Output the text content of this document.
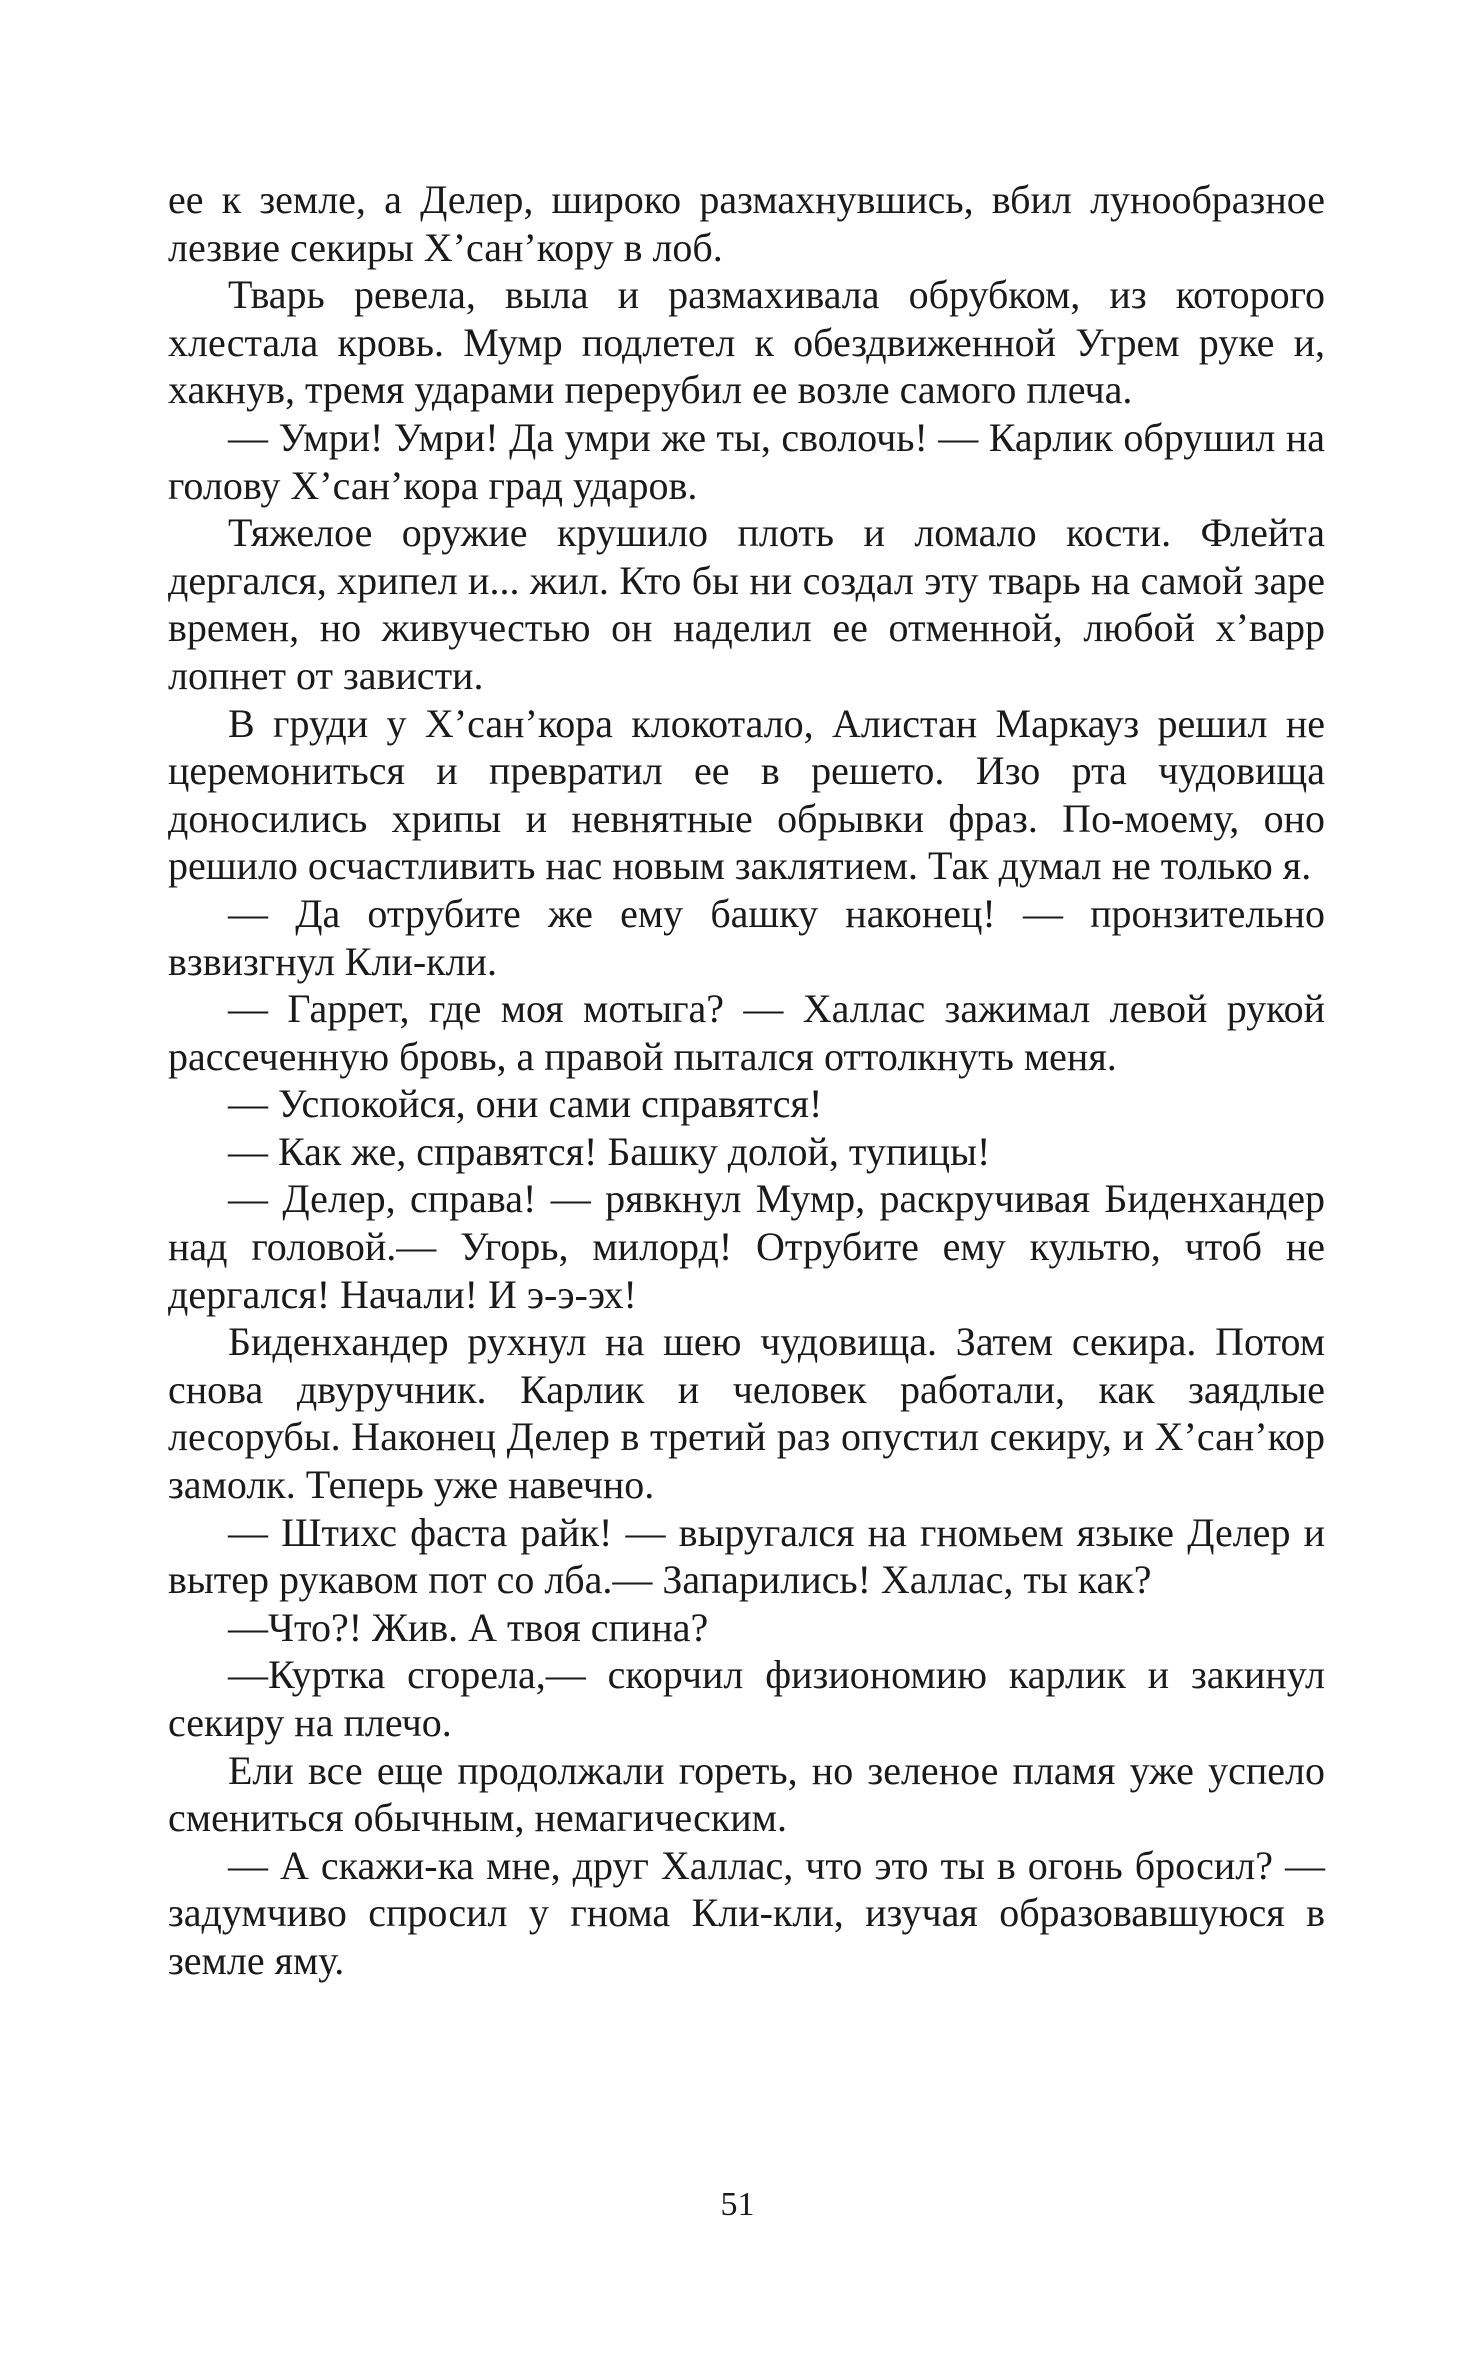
ее к земле, а Делер, широко размахнувшись, вбил лунообразное лезвие секиры Х’сан’кору в лоб.

Тварь ревела, выла и размахивала обрубком, из которого хлестала кровь. Мумр подлетел к обездвиженной Угрем руке и, хакнув, тремя ударами перерубил ее возле самого плеча.

— Умри! Умри! Да умри же ты, сволочь! — Карлик обрушил на голову Х’сан’кора град ударов.

Тяжелое оружие крушило плоть и ломало кости. Флейта дергался, хрипел и... жил. Кто бы ни создал эту тварь на самой заре времен, но живучестью он наделил ее отменной, любой х’варр лопнет от зависти.

В груди у Х’сан’кора клокотало, Алистан Маркауз решил не церемониться и превратил ее в решето. Изо рта чудовища доносились хрипы и невнятные обрывки фраз. По-моему, оно решило осчастливить нас новым заклятием. Так думал не только я.

— Да отрубите же ему башку наконец! — пронзительно взвизгнул Кли-кли.

— Гаррет, где моя мотыга? — Халлас зажимал левой рукой рассеченную бровь, а правой пытался оттолкнуть меня.

— Успокойся, они сами справятся!

— Как же, справятся! Башку долой, тупицы!

— Делер, справа! — рявкнул Мумр, раскручивая Биденхандер над головой.— Угорь, милорд! Отрубите ему культю, чтоб не дергался! Начали! И э-э-эх!

Биденхандер рухнул на шею чудовища. Затем секира. Потом снова двуручник. Карлик и человек работали, как заядлые лесорубы. Наконец Делер в третий раз опустил секиру, и Х’сан’кор замолк. Теперь уже навечно.

— Штихс фаста райк! — выругался на гномьем языке Делер и вытер рукавом пот со лба.— Запарились! Халлас, ты как?

—Что?! Жив. А твоя спина?

—Куртка сгорела,— скорчил физиономию карлик и закинул секиру на плечо.

Ели все еще продолжали гореть, но зеленое пламя уже успело смениться обычным, немагическим.

— А скажи-ка мне, друг Халлас, что это ты в огонь бросил? — задумчиво спросил у гнома Кли-кли, изучая образовавшуюся в земле яму.

51
